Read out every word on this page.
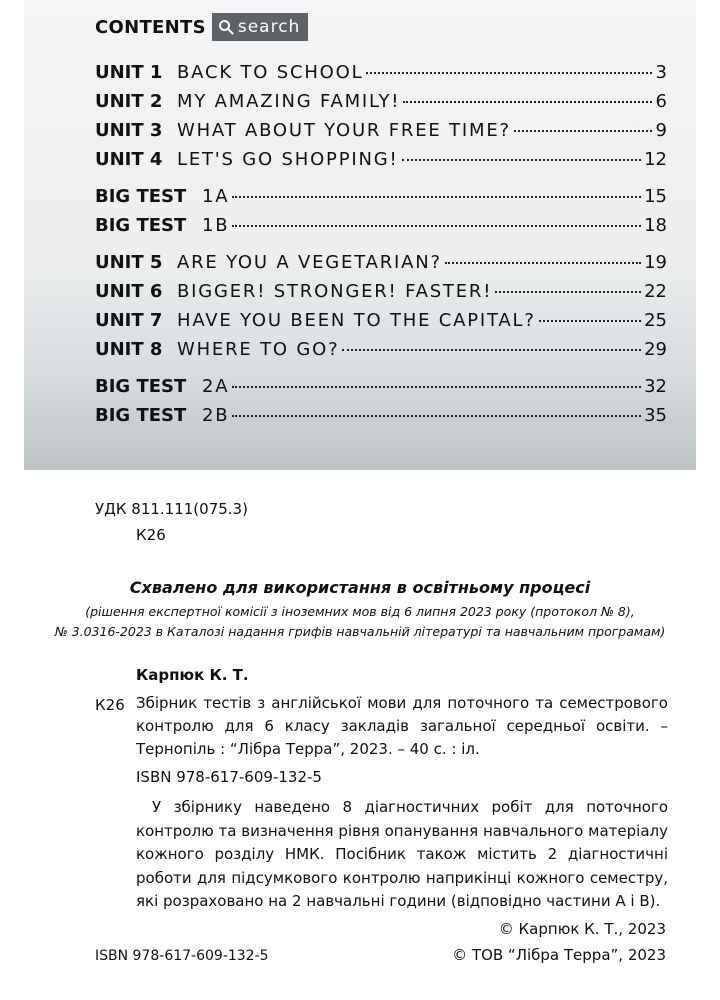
CONTENTS search
UNIT 1 BACK TO SCHOOL	3
UNIT 2 MY AMAZING FAMILY!	6
UNIT 3 WHAT ABOUT YOUR FREE TIME?	9
UNIT 4 LET'S GO SHOPPING!	12
BIG TEST 1A	15
BIG TEST 1B	18
UNIT 5 ARE YOU A VEGETARIAN?	19
UNIT 6 BIGGER! STRONGER! FASTER!	22
UNIT 7 HAVE YOU BEEN TO THE CAPITAL?	25
UNIT 8 WHERE TO GO?	29
BIG TEST 2A	32
BIG TEST 2B	35
УДК 811.111(075.3)
К26
Схвалено для використання в освітньому процесі
(рішення експертної комісії з іноземних мов від 6 липня 2023 року (протокол № 8),
№ 3.0316-2023 в Каталозі надання грифів навчальній літературі та навчальним програмам)
Карпюк К. Т.
К26 Збірник тестів з англійської мови для поточного та семестрового контролю для 6 класу закладів загальної середньої освіти. – Тернопіль : “Лібра Терра”, 2023. – 40 с. : іл.
ISBN 978-617-609-132-5
У збірнику наведено 8 діагностичних робіт для поточного контролю та визначення рівня опанування навчального матеріалу кожного розділу НМК. Посібник також містить 2 діагностичні роботи для підсумкового контролю наприкінці кожного семестру, які розраховано на 2 навчальні години (відповідно частини А і В).
© Карпюк К. Т., 2023
© ТОВ “Лібра Терра”, 2023
ISBN 978-617-609-132-5
